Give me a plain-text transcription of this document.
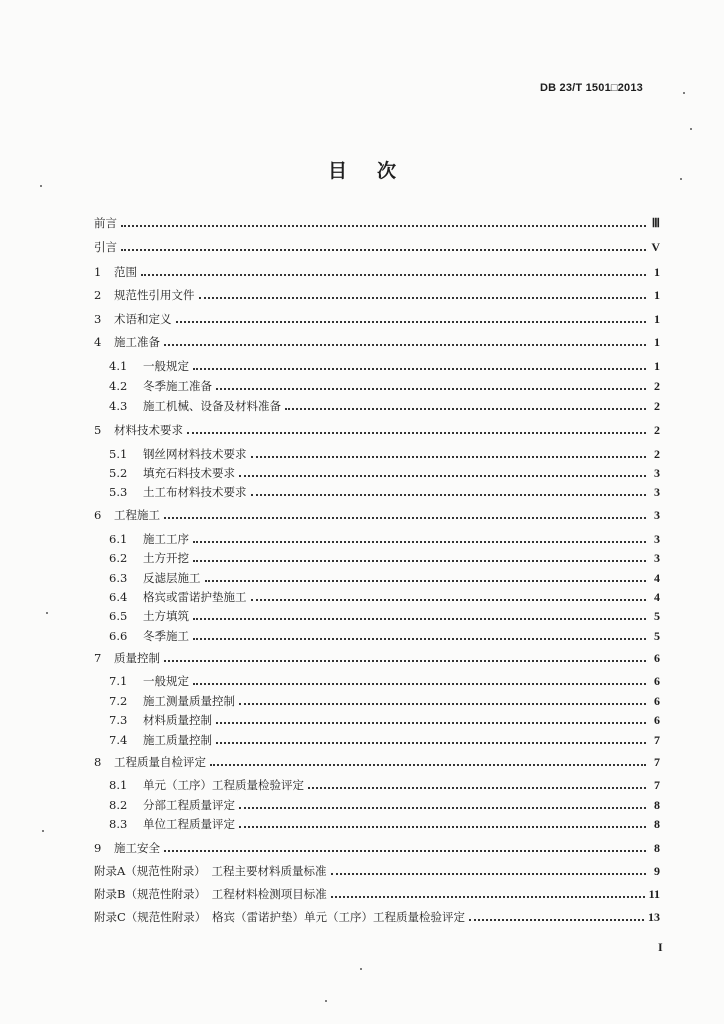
DB 23/T 1501□2013
目次
前言	Ⅲ
引言	V
1	范围	1
2	规范性引用文件	1
3	术语和定义	1
4	施工准备	1
4.1	一般规定	1
4.2	冬季施工准备	2
4.3	施工机械、设备及材料准备	2
5	材料技术要求	2
5.1	钢丝网材料技术要求	2
5.2	填充石料技术要求	3
5.3	土工布材料技术要求	3
6	工程施工	3
6.1	施工工序	3
6.2	土方开挖	3
6.3	反滤层施工	4
6.4	格宾或雷诺护垫施工	4
6.5	土方填筑	5
6.6	冬季施工	5
7	质量控制	6
7.1	一般规定	6
7.2	施工测量质量控制	6
7.3	材料质量控制	6
7.4	施工质量控制	7
8	工程质量自检评定	7
8.1	单元（工序）工程质量检验评定	7
8.2	分部工程质量评定	8
8.3	单位工程质量评定	8
9	施工安全	8
附录A（规范性附录）　工程主要材料质量标准	9
附录B（规范性附录）　工程材料检测项目标准	11
附录C（规范性附录）　格宾（雷诺护垫）单元（工序）工程质量检验评定	13
I
